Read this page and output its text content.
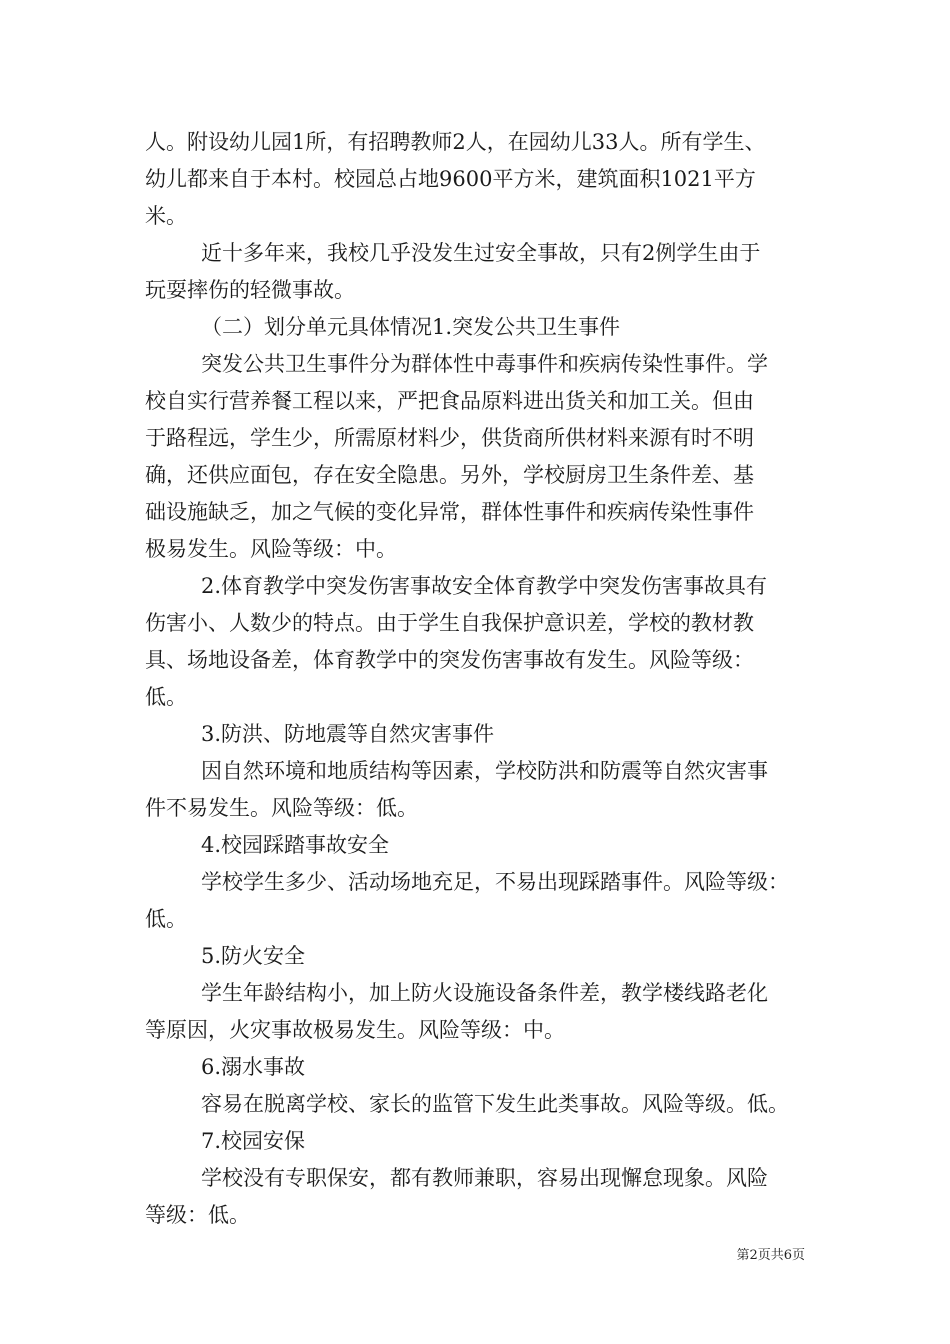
人。附设幼儿园1所，有招聘教师2人，在园幼儿33人。所有学生、
幼儿都来自于本村。校园总占地9600平方米，建筑面积1021平方
米。
近十多年来，我校几乎没发生过安全事故，只有2例学生由于
玩耍摔伤的轻微事故。
（二）划分单元具体情况1.突发公共卫生事件
突发公共卫生事件分为群体性中毒事件和疾病传染性事件。学
校自实行营养餐工程以来，严把食品原料进出货关和加工关。但由
于路程远，学生少，所需原材料少，供货商所供材料来源有时不明
确，还供应面包，存在安全隐患。另外，学校厨房卫生条件差、基
础设施缺乏，加之气候的变化异常，群体性事件和疾病传染性事件
极易发生。风险等级：中。
2.体育教学中突发伤害事故安全体育教学中突发伤害事故具有
伤害小、人数少的特点。由于学生自我保护意识差，学校的教材教
具、场地设备差，体育教学中的突发伤害事故有发生。风险等级：
低。
3.防洪、防地震等自然灾害事件
因自然环境和地质结构等因素，学校防洪和防震等自然灾害事
件不易发生。风险等级：低。
4.校园踩踏事故安全
学校学生多少、活动场地充足，不易出现踩踏事件。风险等级：
低。
5.防火安全
学生年龄结构小，加上防火设施设备条件差，教学楼线路老化
等原因，火灾事故极易发生。风险等级：中。
6.溺水事故
容易在脱离学校、家长的监管下发生此类事故。风险等级。低。
7.校园安保
学校没有专职保安，都有教师兼职，容易出现懈怠现象。风险
等级：低。
第2页共6页
